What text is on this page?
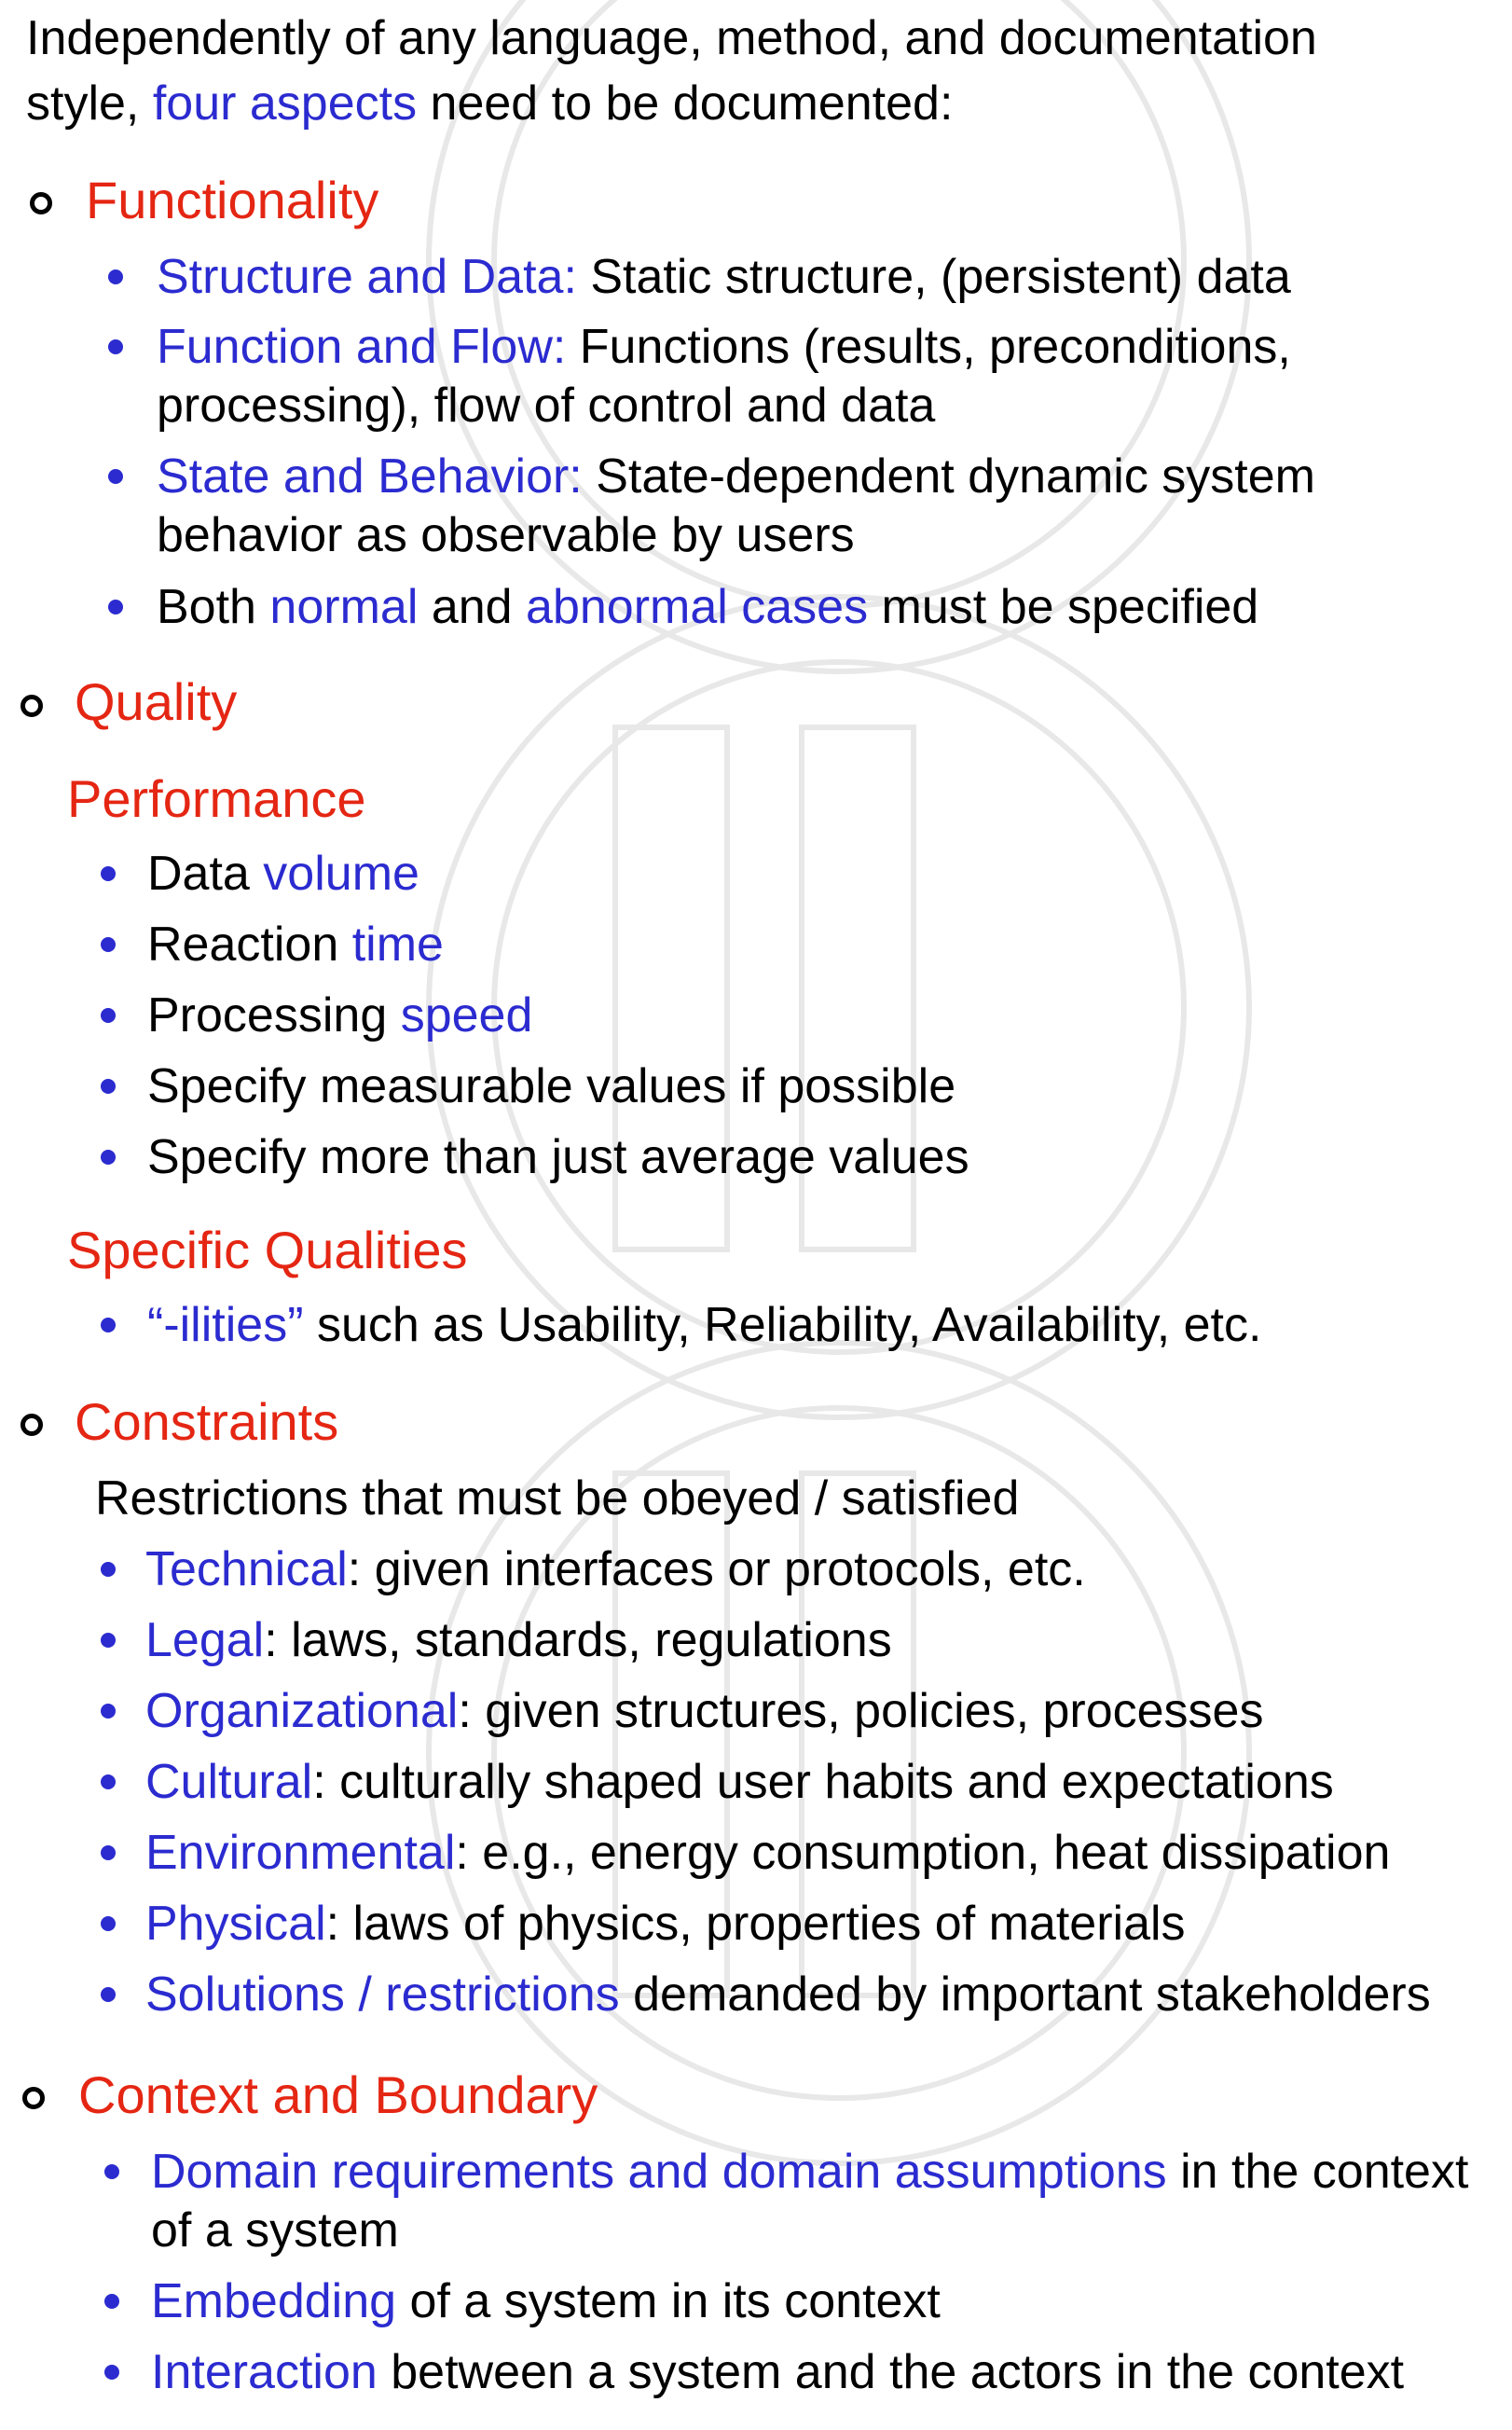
Independently of any language, method, and documentation
style, four aspects need to be documented:
Functionality
Structure and Data: Static structure, (persistent) data
Function and Flow: Functions (results, preconditions,
processing), flow of control and data
State and Behavior: State-dependent dynamic system
behavior as observable by users
Both normal and abnormal cases must be specified
Quality
Performance
Data volume
Reaction time
Processing speed
Specify measurable values if possible
Specify more than just average values
Specific Qualities
“-ilities” such as Usability, Reliability, Availability, etc.
Constraints
Restrictions that must be obeyed / satisfied
Technical: given interfaces or protocols, etc.
Legal: laws, standards, regulations
Organizational: given structures, policies, processes
Cultural: culturally shaped user habits and expectations
Environmental: e.g., energy consumption, heat dissipation
Physical: laws of physics, properties of materials
Solutions / restrictions demanded by important stakeholders
Context and Boundary
Domain requirements and domain assumptions in the context
of a system
Embedding of a system in its context
Interaction between a system and the actors in the context
